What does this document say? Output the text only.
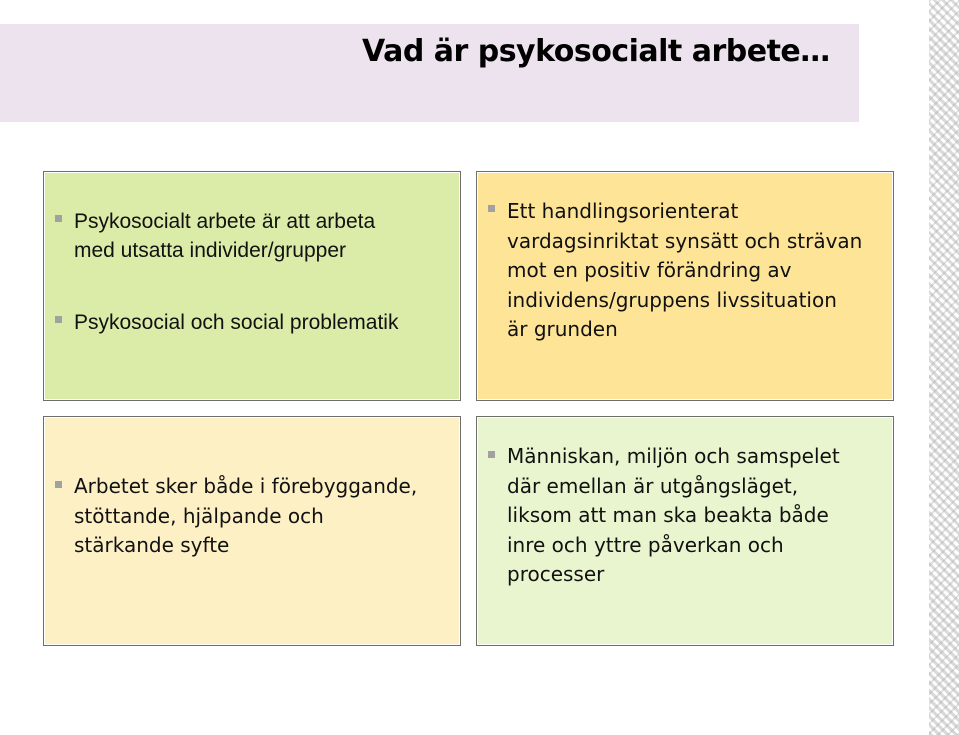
Vad är psykosocialt arbete…
Psykosocialt arbete är att arbeta
med utsatta individer/grupper
Psykosocial och social problematik
Ett handlingsorienterat
vardagsinriktat synsätt och strävan
mot en positiv förändring av
individens/gruppens livssituation
är grunden
Arbetet sker både i förebyggande,
stöttande, hjälpande och
stärkande syfte
Människan, miljön och samspelet
där emellan är utgångsläget,
liksom att man ska beakta både
inre och yttre påverkan och
processer
